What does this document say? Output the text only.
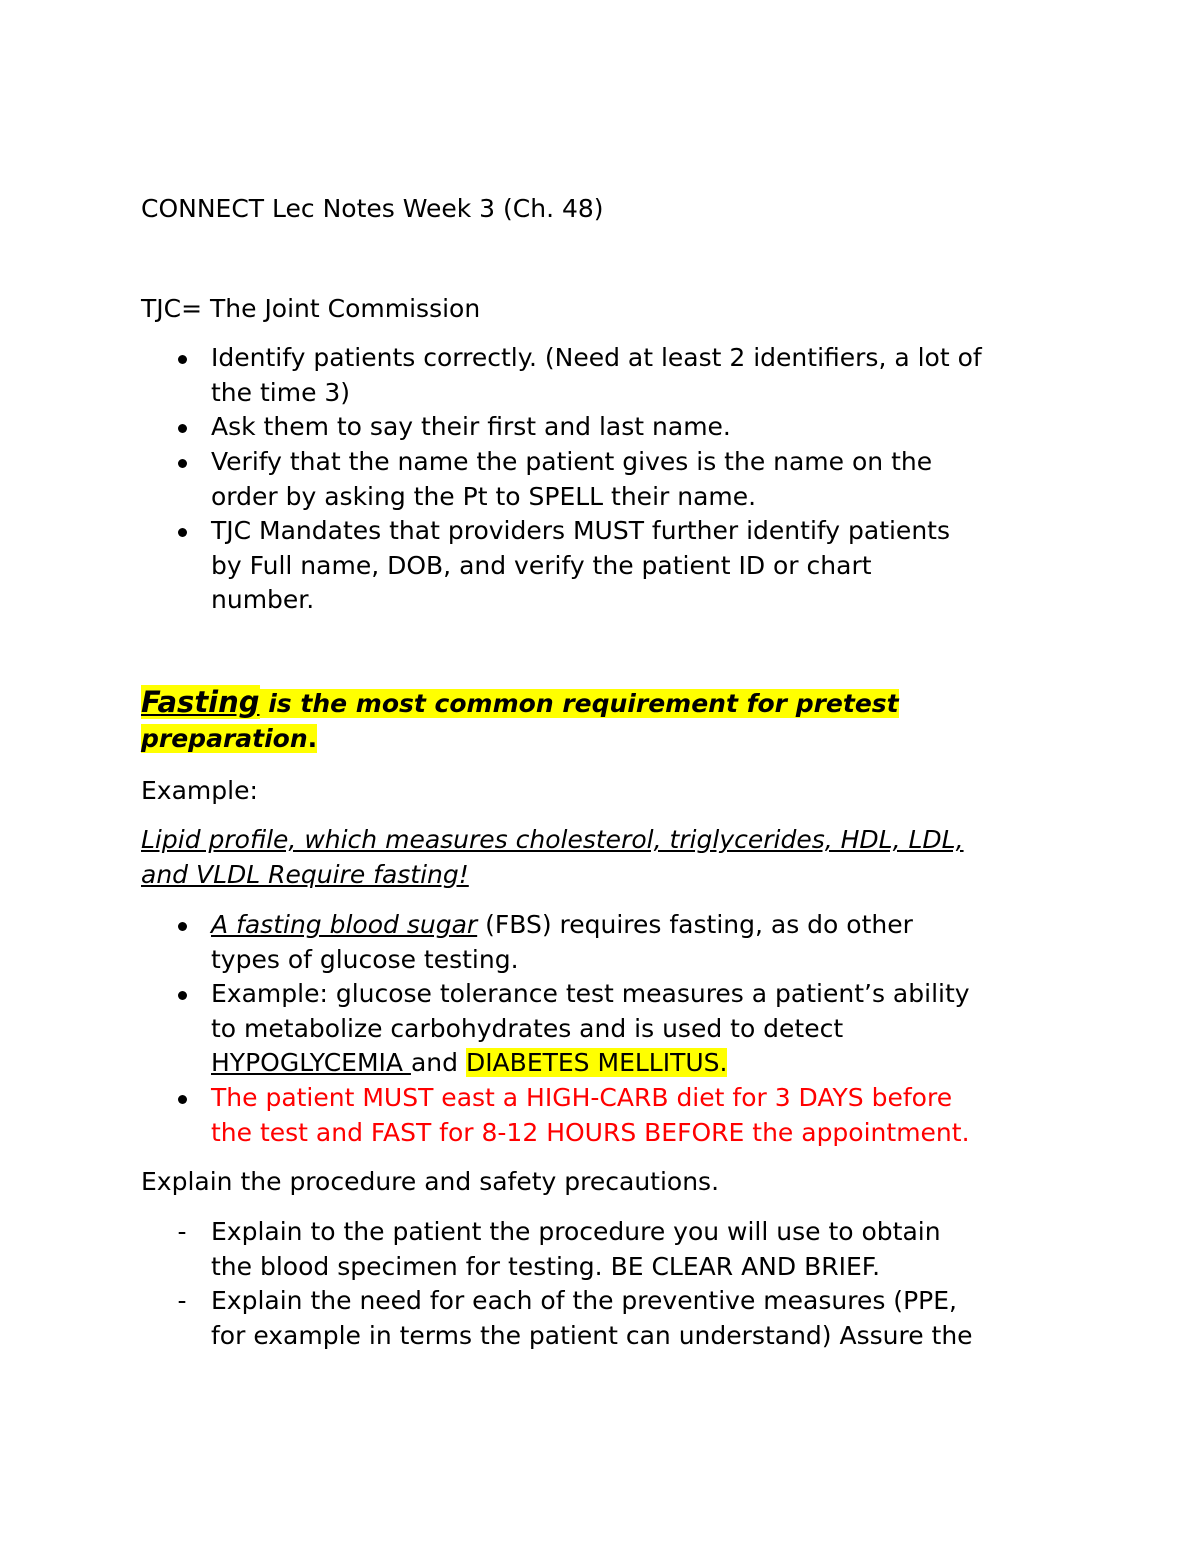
CONNECT Lec Notes Week 3 (Ch. 48)
TJC= The Joint Commission
Identify patients correctly. (Need at least 2 identifiers, a lot of
the time 3)
Ask them to say their first and last name.
Verify that the name the patient gives is the name on the
order by asking the Pt to SPELL their name.
TJC Mandates that providers MUST further identify patients
by Full name, DOB, and verify the patient ID or chart
number.
Fasting is the most common requirement for pretest
preparation.
Example:
Lipid profile, which measures cholesterol, triglycerides, HDL, LDL,
and VLDL Require fasting!
A fasting blood sugar (FBS) requires fasting, as do other
types of glucose testing.
Example: glucose tolerance test measures a patient’s ability
to metabolize carbohydrates and is used to detect
HYPOGLYCEMIA and DIABETES MELLITUS.
The patient MUST east a HIGH-CARB diet for 3 DAYS before
the test and FAST for 8-12 HOURS BEFORE the appointment.
Explain the procedure and safety precautions.
- Explain to the patient the procedure you will use to obtain
the blood specimen for testing. BE CLEAR AND BRIEF.
- Explain the need for each of the preventive measures (PPE,
for example in terms the patient can understand) Assure the
